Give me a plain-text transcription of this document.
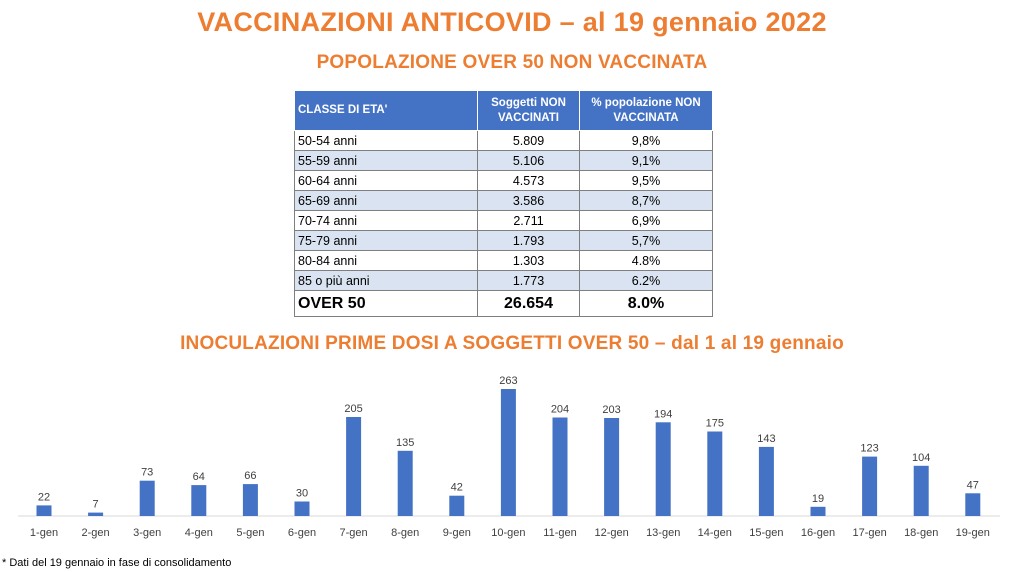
VACCINAZIONI ANTICOVID – al 19 gennaio 2022
POPOLAZIONE OVER 50 NON VACCINATA
CLASSE DI ETA'	Soggetti NON VACCINATI	% popolazione NON VACCINATA
50-54 anni	5.809	9,8%
55-59 anni	5.106	9,1%
60-64 anni	4.573	9,5%
65-69 anni	3.586	8,7%
70-74 anni	2.711	6,9%
75-79 anni	1.793	5,7%
80-84 anni	1.303	4.8%
85 o più anni	1.773	6.2%
OVER 50	26.654	8.0%
INOCULAZIONI PRIME DOSI A SOGGETTI OVER 50 – dal 1 al 19 gennaio
22
7
73	64	66
30
205
135
42
263
204	203	194
175
143
19
123
104
47
1-gen 2-gen 3-gen 4-gen 5-gen 6-gen 7-gen 8-gen 9-gen 10-gen 11-gen 12-gen 13-gen 14-gen 15-gen 16-gen 17-gen 18-gen 19-gen
* Dati del 19 gennaio in fase di consolidamento
